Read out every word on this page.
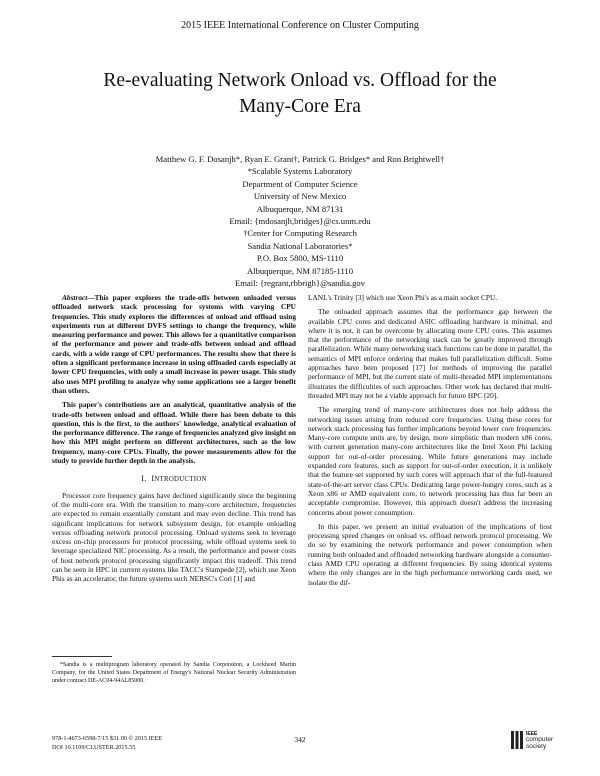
2015 IEEE International Conference on Cluster Computing
Re-evaluating Network Onload vs. Offload for the
Many-Core Era
Matthew G. F. Dosanjh*, Ryan E. Grant†, Patrick G. Bridges* and Ron Brightwell†
*Scalable Systems Laboratory
Department of Computer Science
University of New Mexico
Albuquerque, NM 87131
Email: {mdosanjh,bridges}@cs.unm.edu
†Center for Computing Research
Sandia National Laboratories*
P.O. Box 5800, MS-1110
Albuquerque, NM 87185-1110
Email: {regrant,rbbrigh}@sandia.gov

Abstract—This paper explores the trade-offs between onloaded versus offloaded network stack processing for systems with varying CPU frequencies. This study explores the differences of onload and offload using experiments run at different DVFS settings to change the frequency, while measuring performance and power. This allows for a quantitative comparison of the performance and power and trade-offs between onload and offload cards, with a wide range of CPU performances. The results show that there is often a significant performance increase in using offloaded cards especially at lower CPU frequencies, with only a small increase in power usage. This study also uses MPI profiling to analyze why some applications see a larger benefit than others.

This paper's contributions are an analytical, quantitative analysis of the trade-offs between onload and offload. While there has been debate to this question, this is the first, to the authors' knowledge, analytical evaluation of the performance difference. The range of frequencies analyzed give insight on how this MPI might perform on different architectures, such as the low frequency, many-core CPUs. Finally, the power measurements allow for the study to provide further depth in the analysis.

I. INTRODUCTION

Processor core frequency gains have declined significantly since the beginning of the multi-core era. With the transition to many-core architecture, frequencies are expected to remain essentially constant and may even decline. This trend has significant implications for network subsystem design, for example onloading versus offloading network protocol processing. Onload systems seek to leverage excess on-chip processors for protocol processing, while offload systems seek to leverage specialized NIC processing. As a result, the performance and power costs of host network protocol processing significantly impact this tradeoff. This trend can be seen in HPC in current systems like TACC's Stampede [2], which use Xeon Phis as an accelerator, the future systems such NERSC's Cori [1] and

*Sandia is a multiprogram laboratory operated by Sandia Corporation, a Lockheed Martin Company, for the United States Department of Energy's National Nuclear Security Administration under contract DE-AC04-94AL85000.

LANL's Trinity [3] which use Xeon Phi's as a main socket CPU.

The onloaded approach assumes that the performance gap between the available CPU cores and dedicated ASIC offloading hardware is minimal, and where it is not, it can be overcome by allocating more CPU cores. This assumes that the performance of the networking stack can be greatly improved through parallelization. While many networking stack functions can be done in parallel, the semantics of MPI enforce ordering that makes full parallelization difficult. Some approaches have been proposed [17] for methods of improving the parallel performance of MPI, but the current state of multi-threaded MPI implementations illustrates the difficulties of such approaches. Other work has declared that multi-threaded MPI may not be a viable approach for future HPC [20].

The emerging trend of many-core architectures does not help address the networking issues arising from reduced core frequencies. Using these cores for network stack processing has further implications beyond lower core frequencies. Many-core compute units are, by design, more simplistic than modern x86 cores, with current generation many-core architectures like the Intel Xeon Phi lacking support for out-of-order processing. While future generations may include expanded core features, such as support for out-of-order execution, it is unlikely that the feature set supported by such cores will approach that of the full-featured state-of-the-art server class CPUs. Dedicating large power-hungry cores, such as a Xeon x86 or AMD equivalent core, to network processing has thus far been an acceptable compromise. However, this approach doesn't address the increasing concerns about power consumption.

In this paper, we present an initial evaluation of the implications of host processing speed changes on onload vs. offload network protocol processing. We do so by examining the network performance and power consumption when running both onloaded and offloaded networking hardware alongside a consumer-class AMD CPU operating at different frequencies. By using identical systems where the only changes are in the high performance networking cards used, we isolate the dif-

978-1-4673-6598-7/15 $31.00 © 2015 IEEE
DOI 10.1109/CLUSTER.2015.55
342	computer
society
IEEE
